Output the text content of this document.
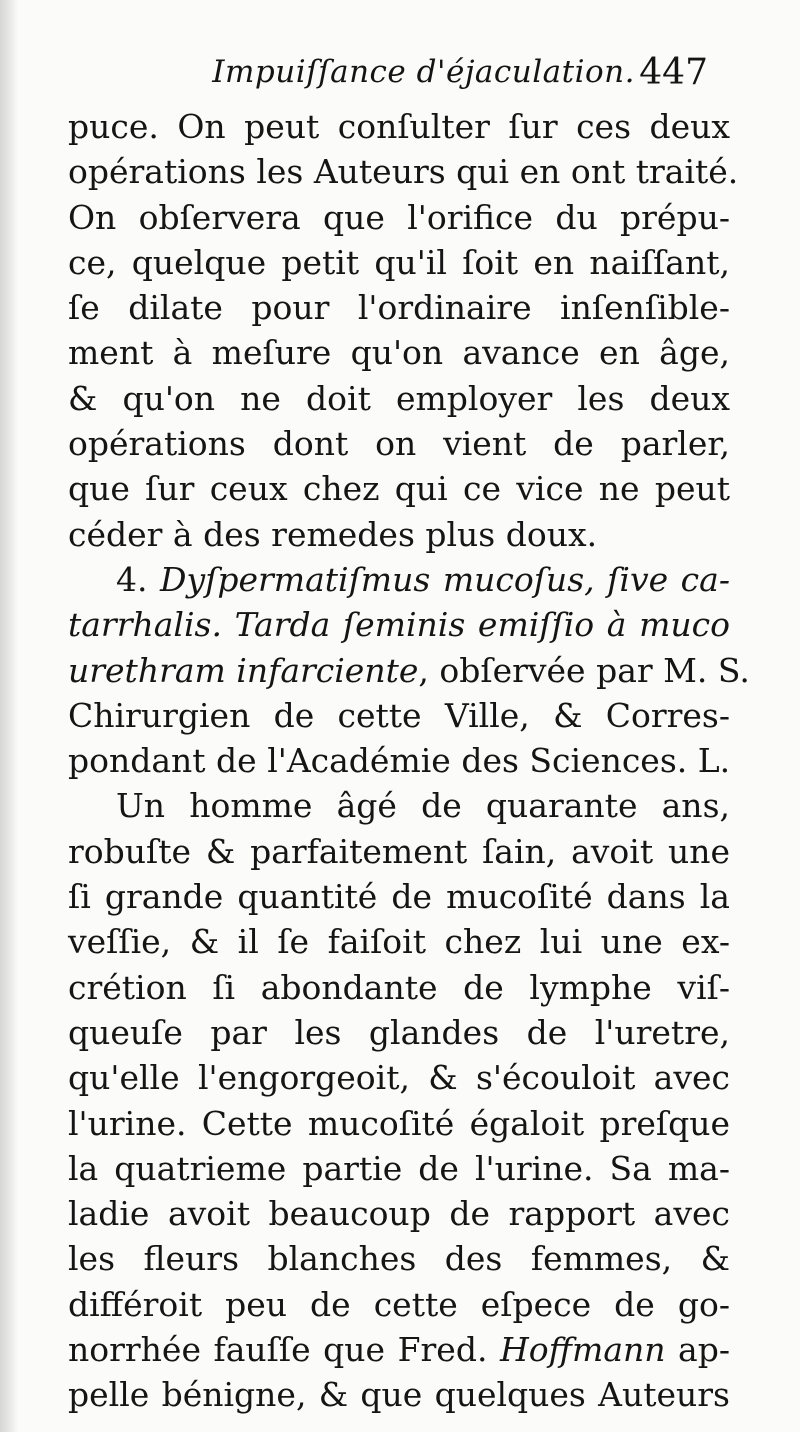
Impuiſſance d'éjaculation. 447
puce. On peut conſulter ſur ces deux
opérations les Auteurs qui en ont traité.
On obſervera que l'orifice du prépu-
ce, quelque petit qu'il ſoit en naiſſant,
ſe dilate pour l'ordinaire inſenſible-
ment à meſure qu'on avance en âge,
& qu'on ne doit employer les deux
opérations dont on vient de parler,
que ſur ceux chez qui ce vice ne peut
céder à des remedes plus doux.
4. Dyſpermatiſmus mucoſus, ſive ca-
tarrhalis. Tarda ſeminis emiſſio à muco
urethram infarciente, obſervée par M. S.
Chirurgien de cette Ville, & Corres-
pondant de l'Académie des Sciences. L.
Un homme âgé de quarante ans,
robuſte & parfaitement ſain, avoit une
ſi grande quantité de mucoſité dans la
veſſie, & il ſe faiſoit chez lui une ex-
crétion ſi abondante de lymphe viſ-
queuſe par les glandes de l'uretre,
qu'elle l'engorgeoit, & s'écouloit avec
l'urine. Cette mucoſité égaloit preſque
la quatrieme partie de l'urine. Sa ma-
ladie avoit beaucoup de rapport avec
les fleurs blanches des femmes, &
différoit peu de cette eſpece de go-
norrhée fauſſe que Fred. Hoffmann ap-
pelle bénigne, & que quelques Auteurs
